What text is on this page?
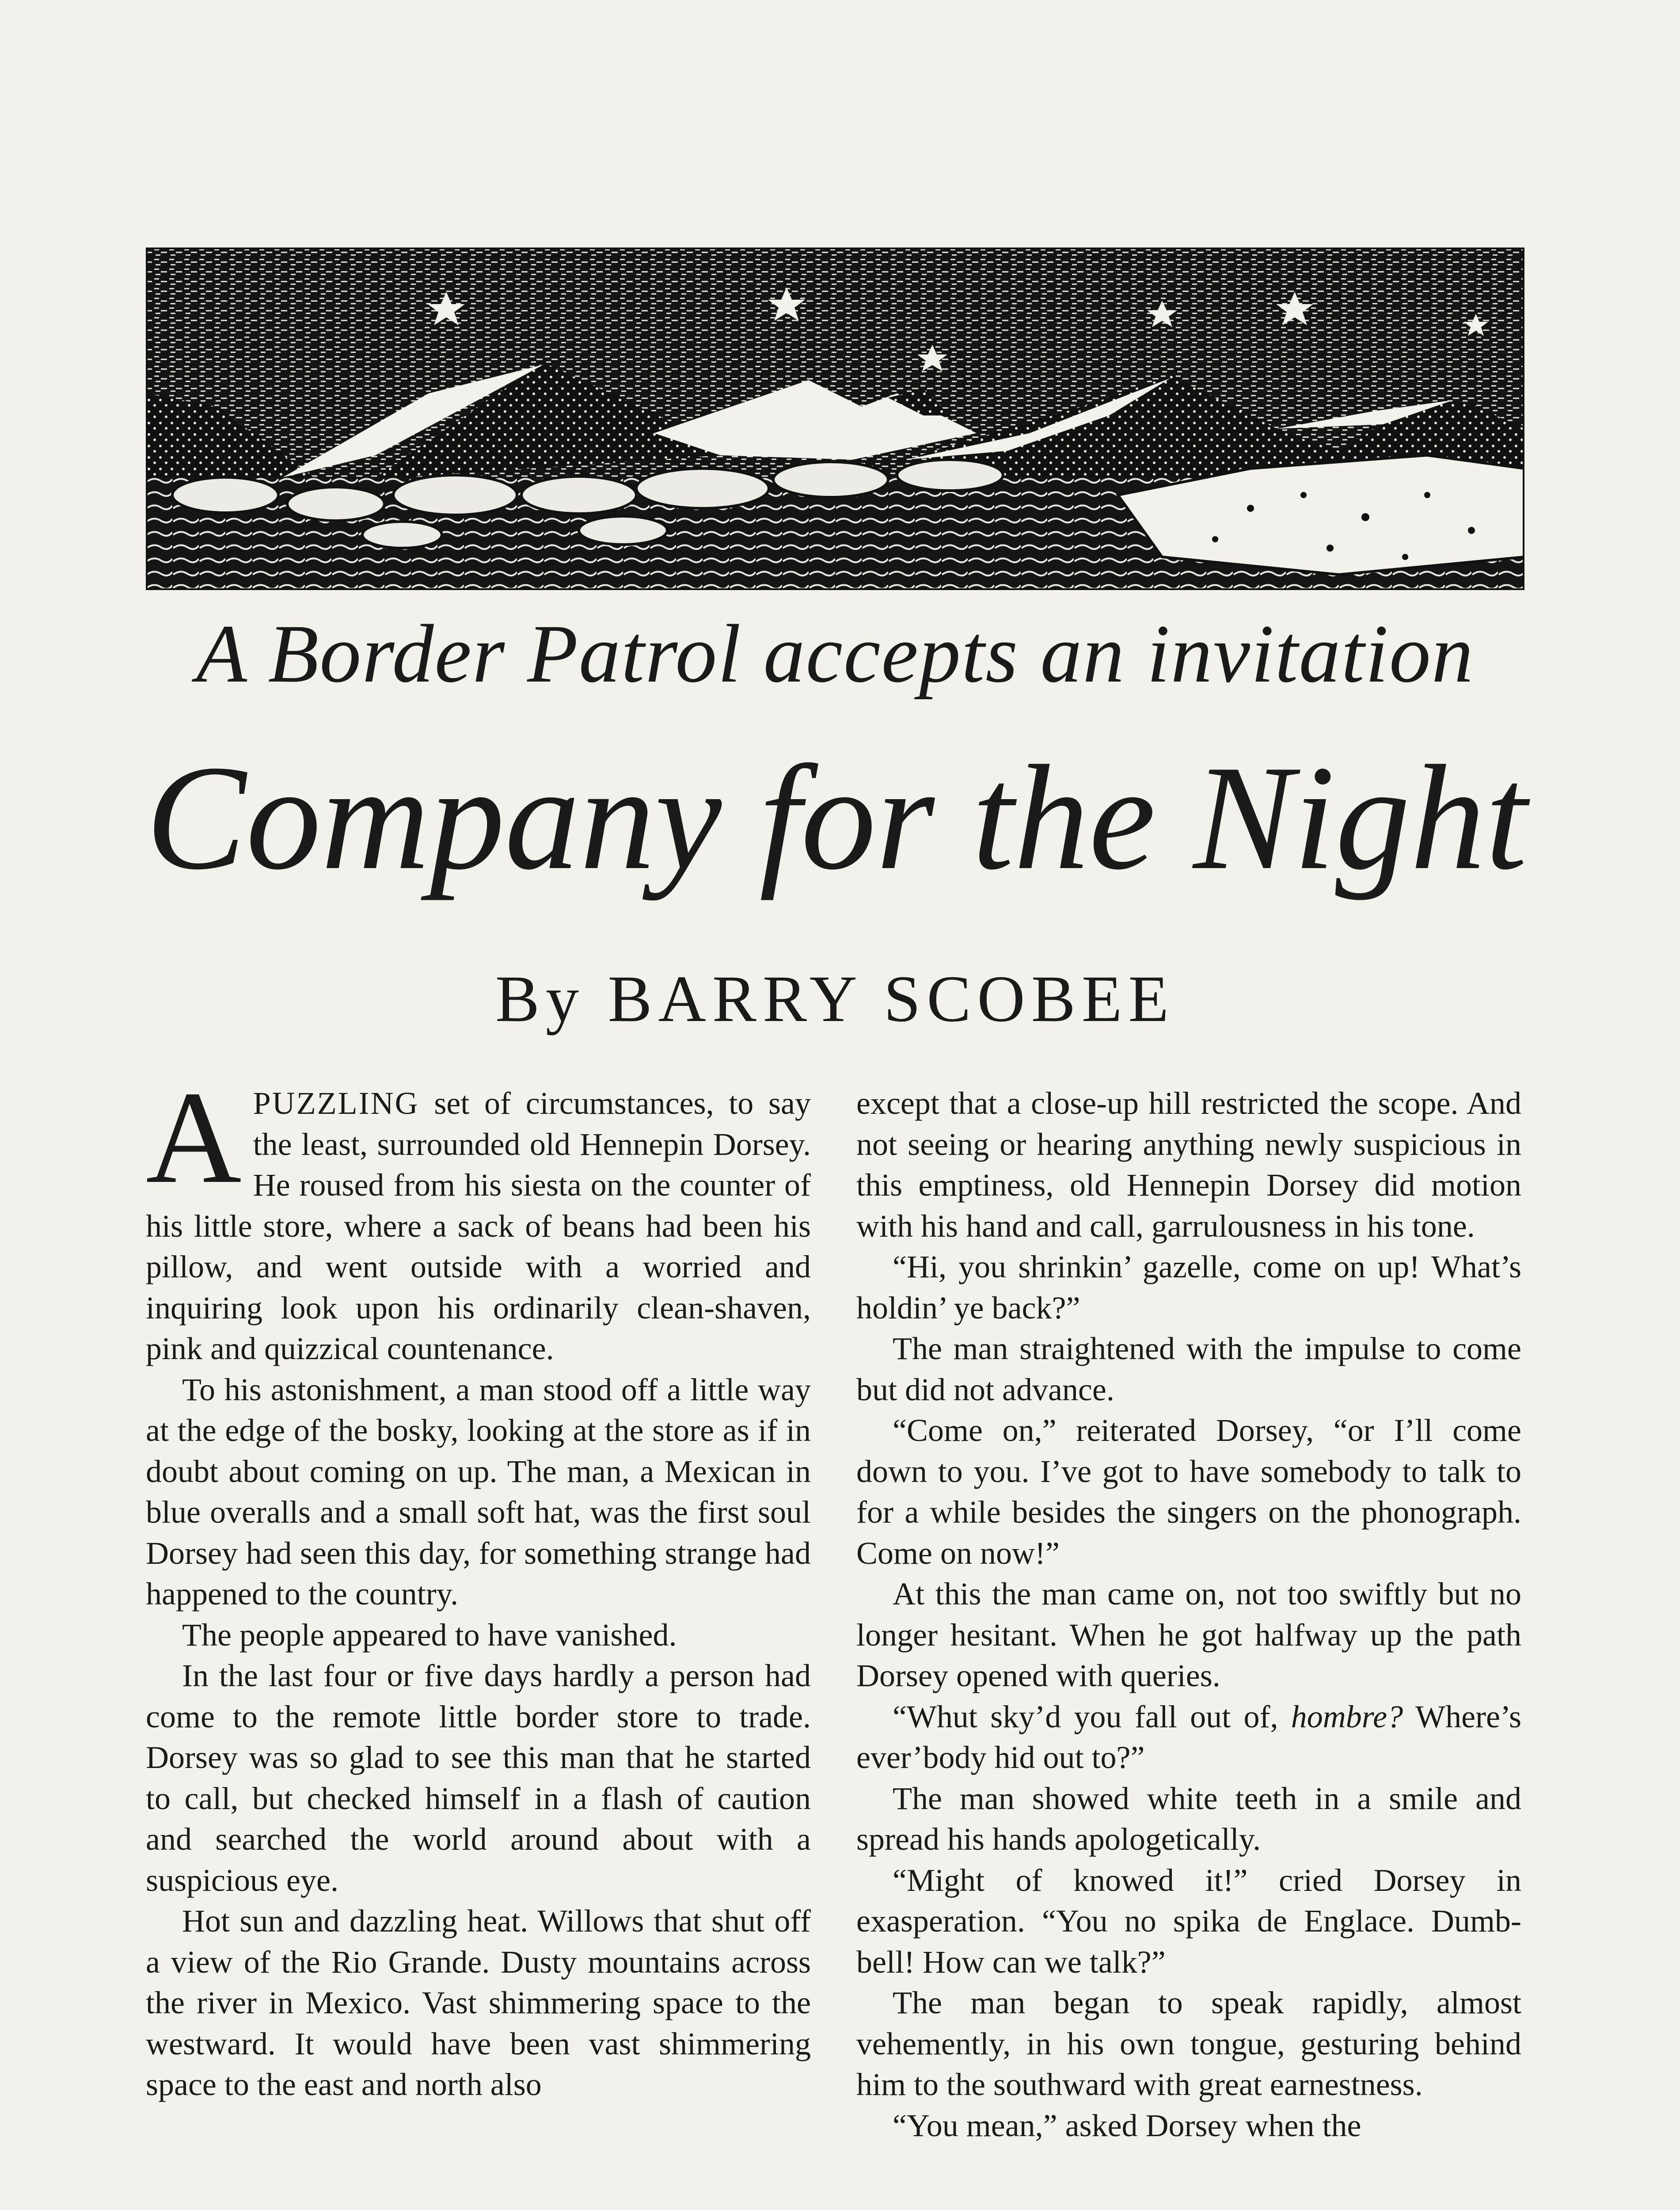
A Border Patrol accepts an invitation
Company for the Night
By BARRY SCOBEE

APUZZLING set of circumstances, to say the least, surrounded old Hennepin Dorsey. He roused from his siesta on the counter of his little store, where a sack of beans had been his pillow, and went outside with a worried and inquiring look upon his ordinarily clean-shaven, pink and quizzical countenance.

To his astonishment, a man stood off a little way at the edge of the bosky, looking at the store as if in doubt about coming on up. The man, a Mexican in blue overalls and a small soft hat, was the first soul Dorsey had seen this day, for something strange had happened to the country.

The people appeared to have vanished.

In the last four or five days hardly a person had come to the remote little border store to trade. Dorsey was so glad to see this man that he started to call, but checked himself in a flash of caution and searched the world around about with a suspicious eye.

Hot sun and dazzling heat. Willows that shut off a view of the Rio Grande. Dusty mountains across the river in Mexico. Vast shimmering space to the westward. It would have been vast shimmering space to the east and north also

except that a close-up hill restricted the scope. And not seeing or hearing anything newly suspicious in this emptiness, old Hennepin Dorsey did motion with his hand and call, garrulousness in his tone.

“Hi, you shrinkin’ gazelle, come on up! What’s holdin’ ye back?”

The man straightened with the impulse to come but did not advance.

“Come on,” reiterated Dorsey, “or I’ll come down to you. I’ve got to have somebody to talk to for a while besides the singers on the phonograph. Come on now!”

At this the man came on, not too swiftly but no longer hesitant. When he got halfway up the path Dorsey opened with queries.

“Whut sky’d you fall out of, hombre? Where’s ever’body hid out to?”

The man showed white teeth in a smile and spread his hands apologetically.

“Might of knowed it!” cried Dorsey in exasperation. “You no spika de Englace. Dumb-bell! How can we talk?”

The man began to speak rapidly, almost vehemently, in his own tongue, gesturing behind him to the southward with great earnestness.

“You mean,” asked Dorsey when the
